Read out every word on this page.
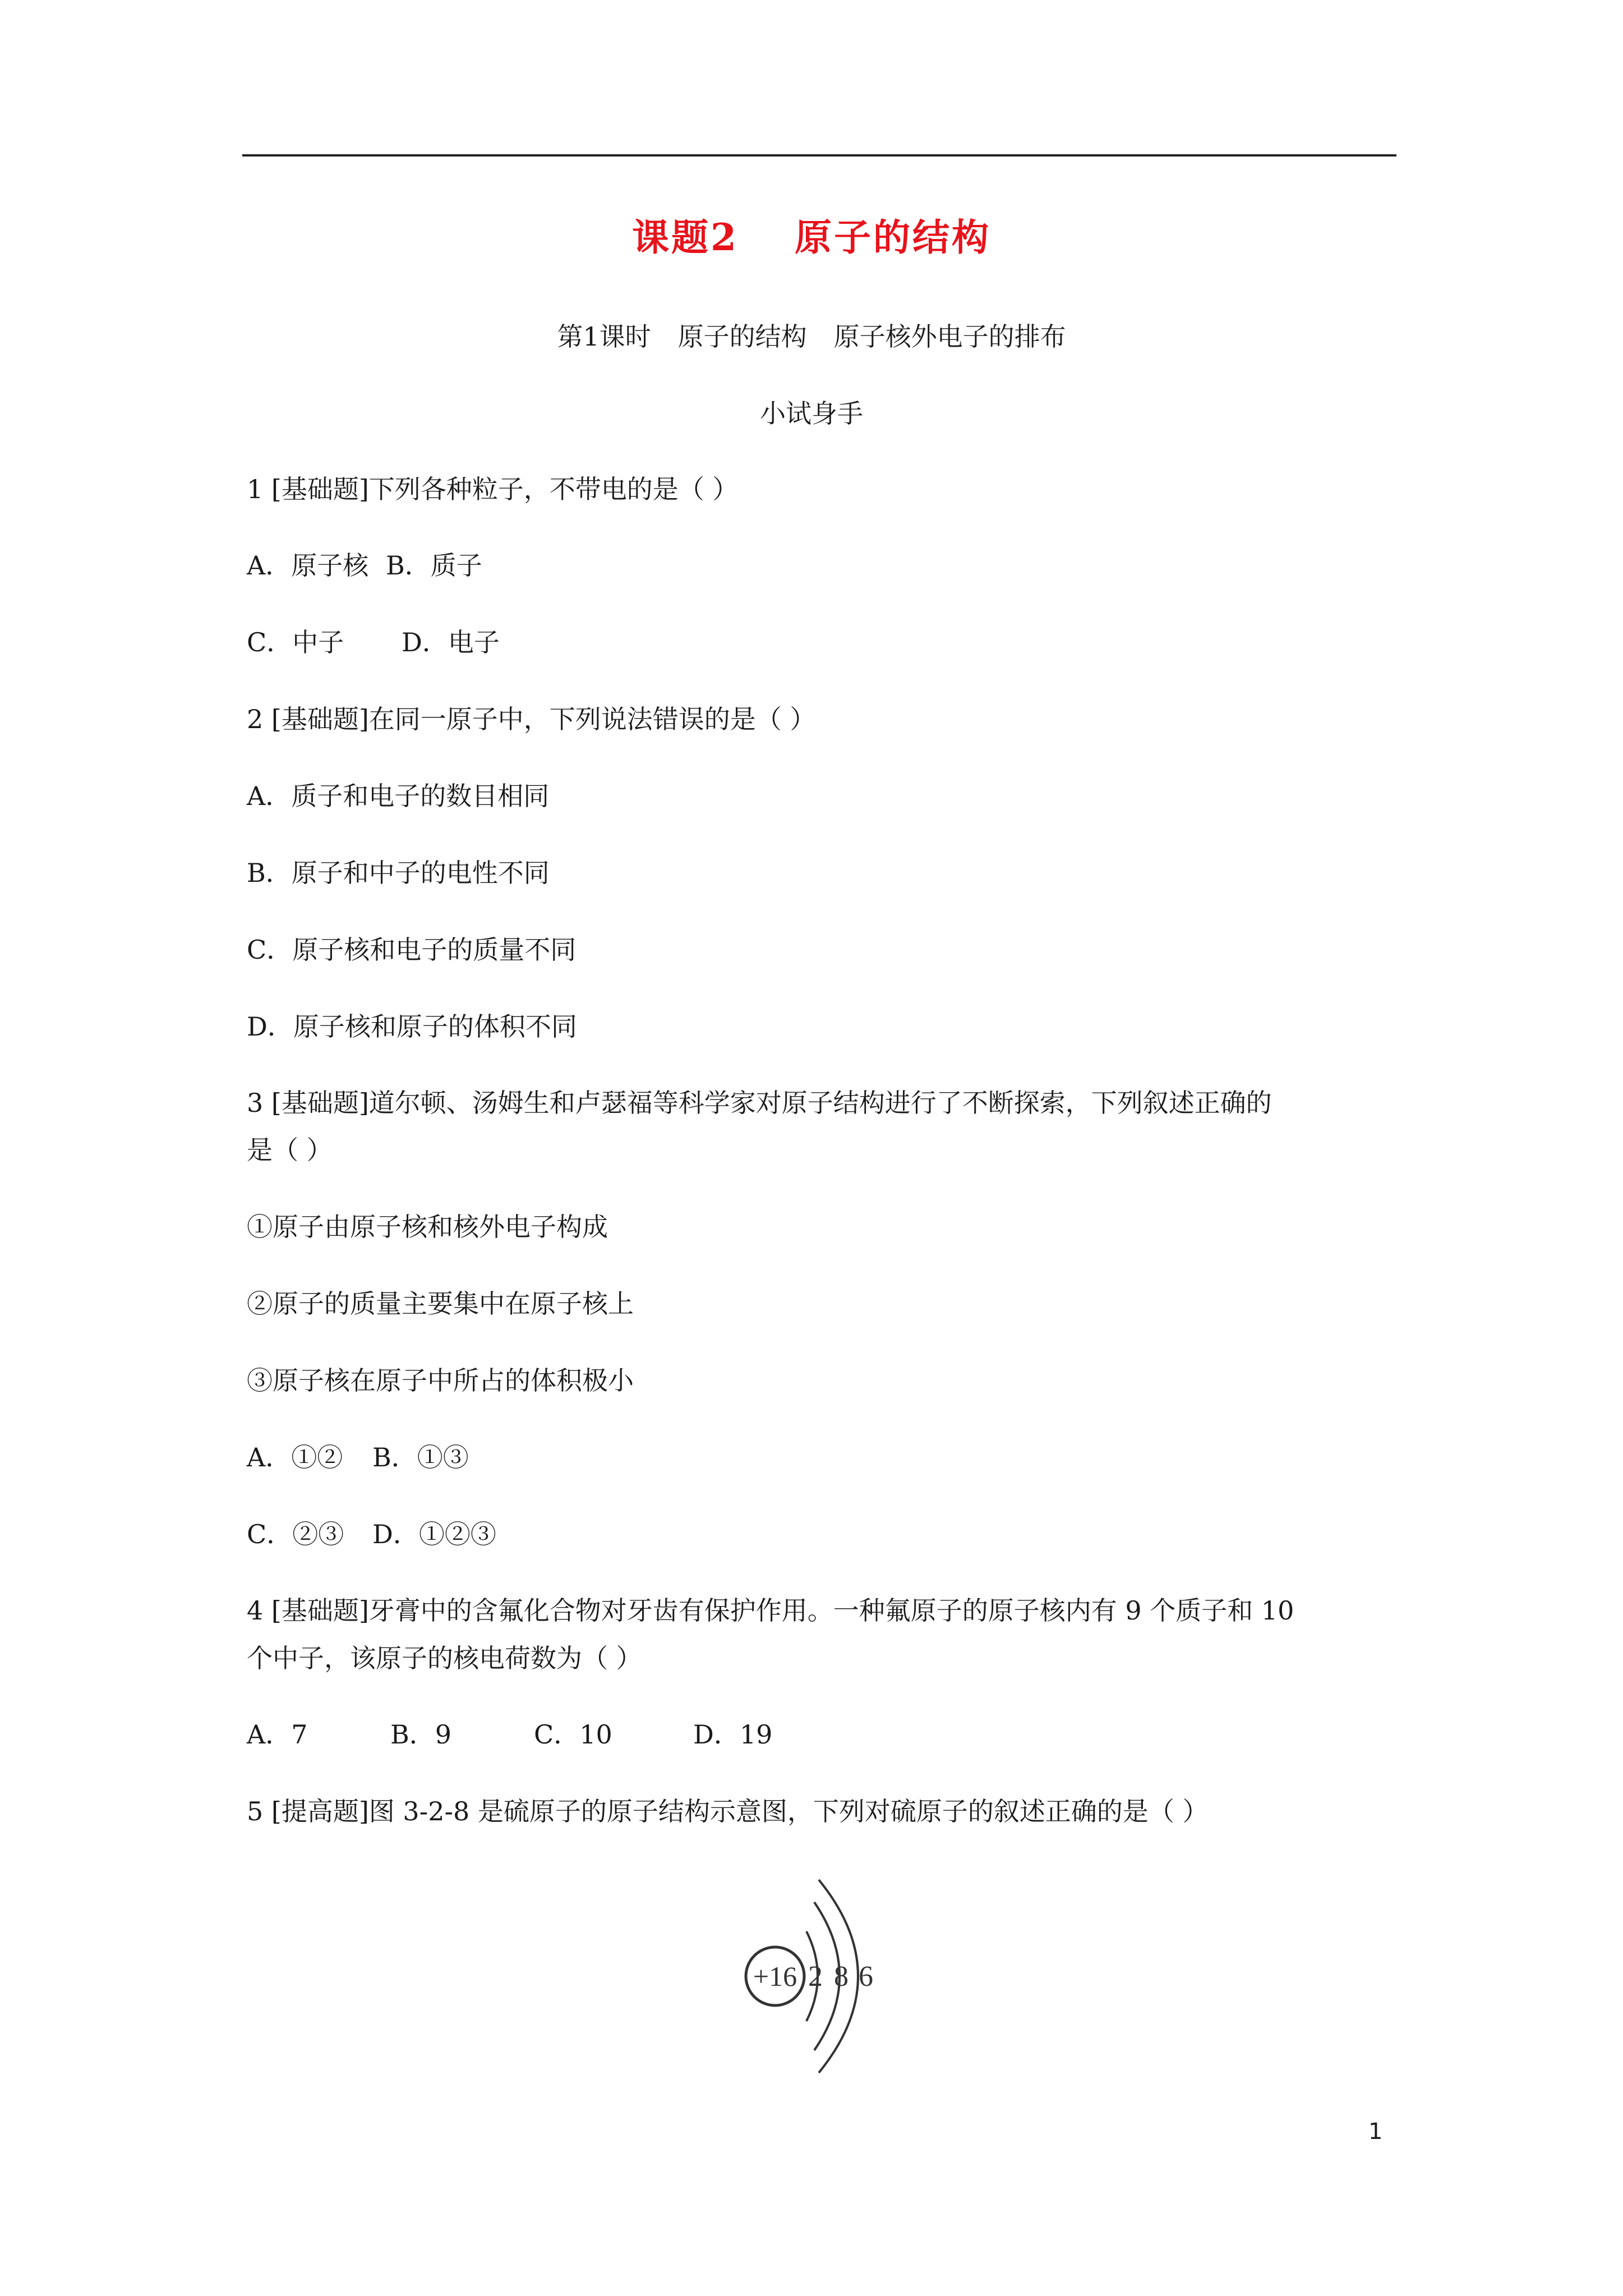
课题2 原子的结构
第1课时 原子的结构 原子核外电子的排布
小试身手
1 [基础题]下列各种粒子，不带电的是（ ）
A．原子核 B．质子
C．中子 D．电子
2 [基础题]在同一原子中，下列说法错误的是（ ）
A．质子和电子的数目相同
B．原子和中子的电性不同
C．原子核和电子的质量不同
D．原子核和原子的体积不同
3 [基础题]道尔顿、汤姆生和卢瑟福等科学家对原子结构进行了不断探索，下列叙述正确的
是（ ）
①原子由原子核和核外电子构成
②原子的质量主要集中在原子核上
③原子核在原子中所占的体积极小
A．①② B．①③
C．②③ D．①②③
4 [基础题]牙膏中的含氟化合物对牙齿有保护作用。一种氟原子的原子核内有 9 个质子和 10
个中子，该原子的核电荷数为（ ）
A．7	B．9	C．10	D．19
5 [提高题]图 3-2-8 是硫原子的原子结构示意图，下列对硫原子的叙述正确的是（ ）
+16 2 8 6
1
